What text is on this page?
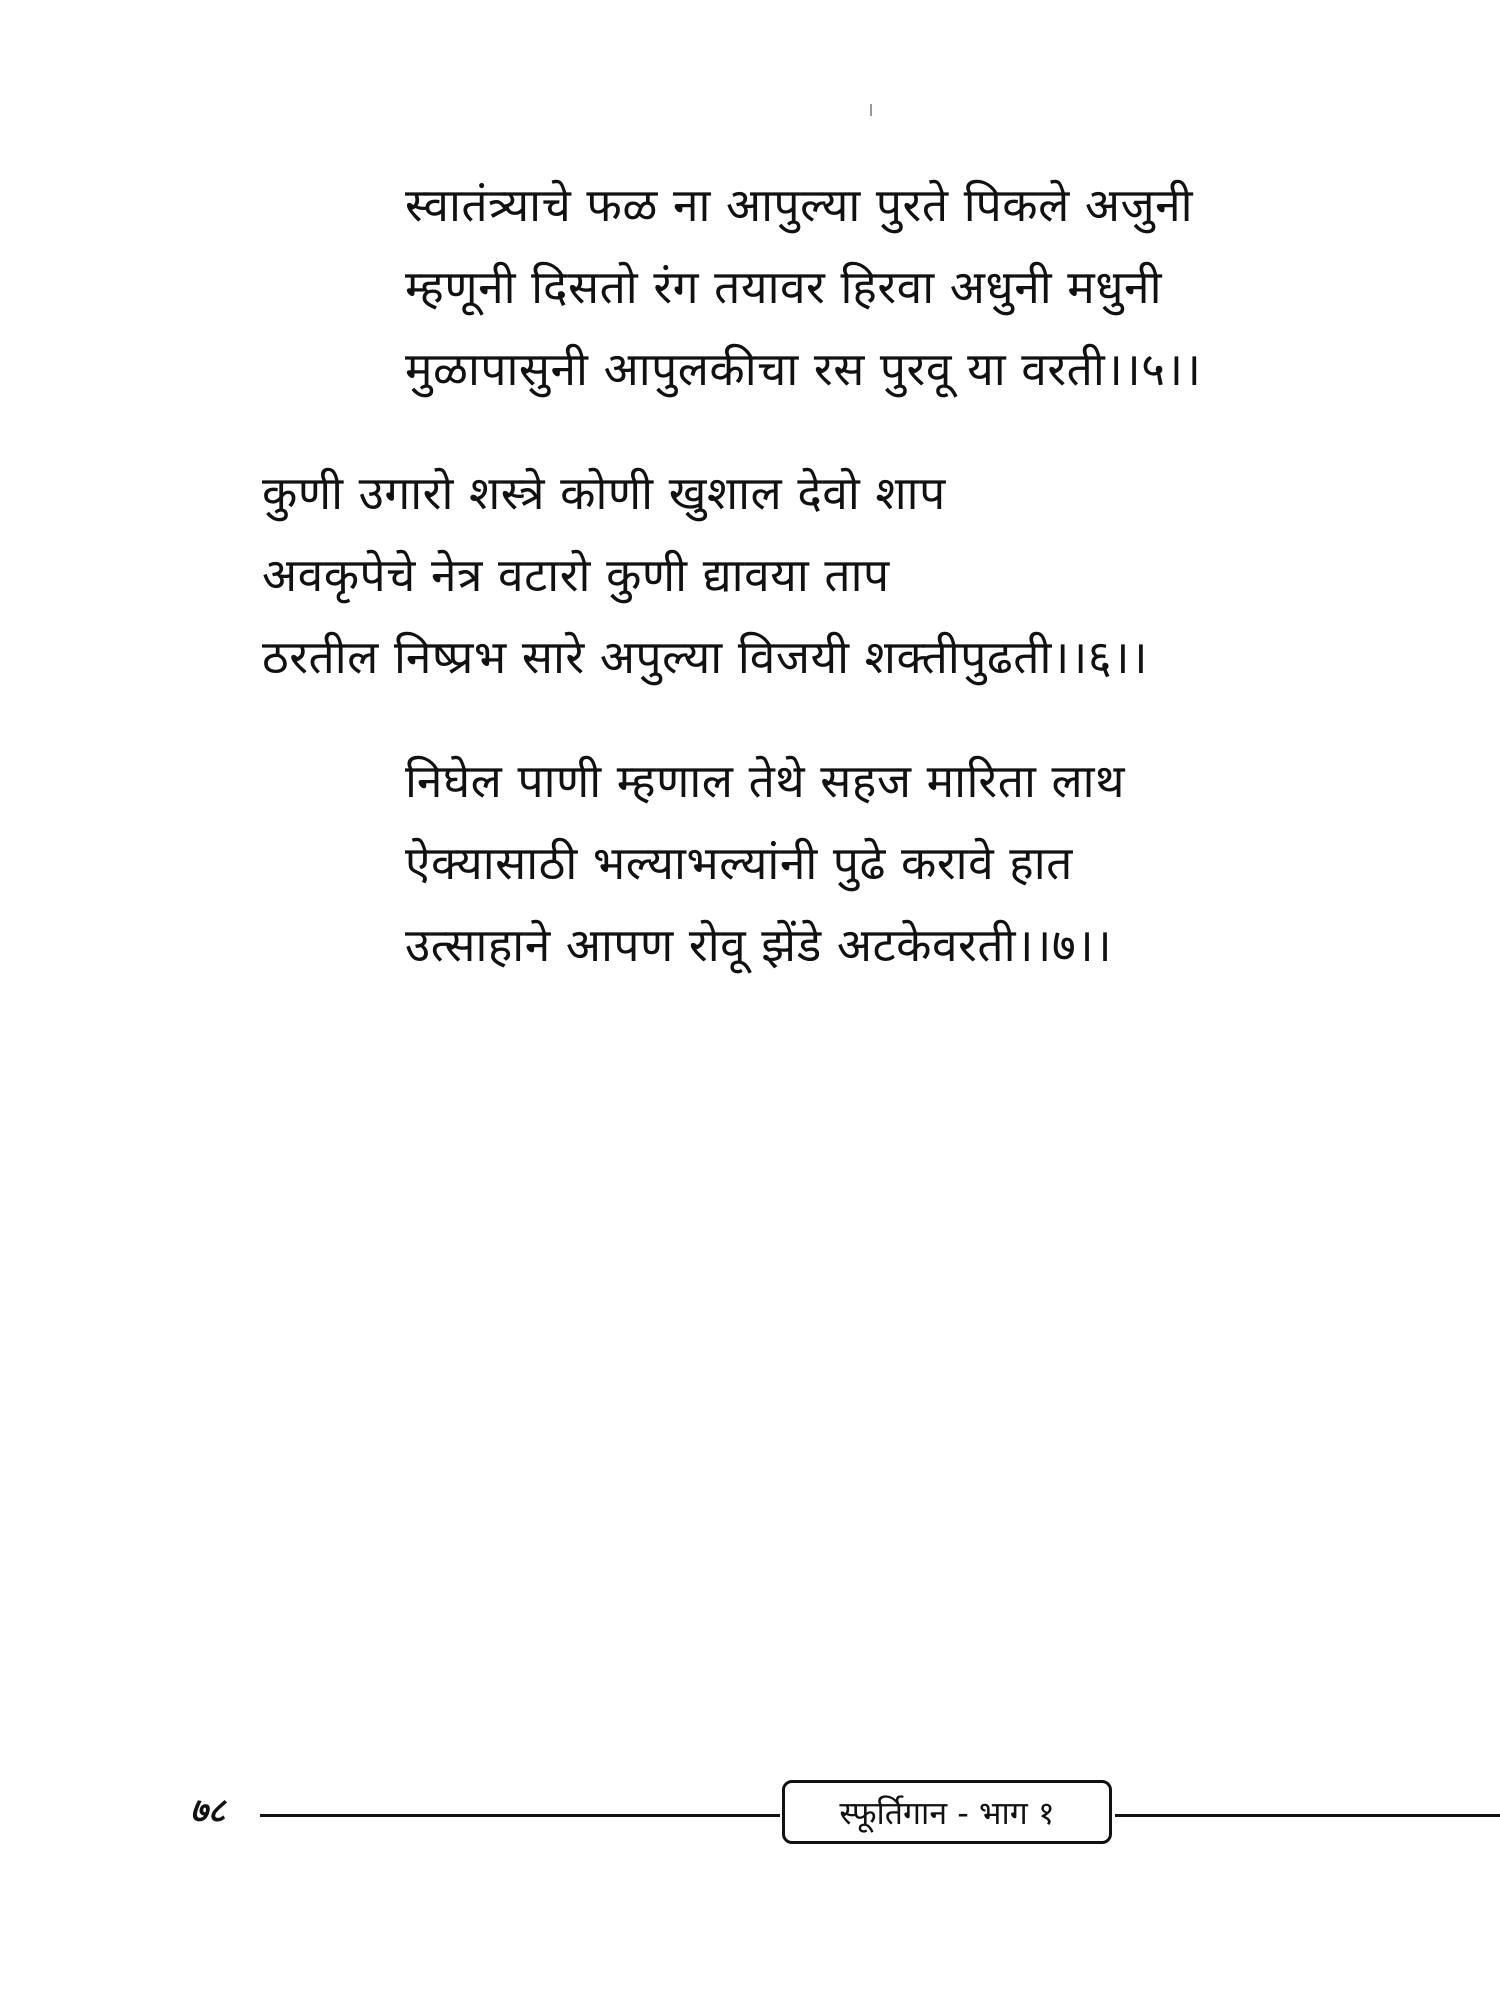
स्वातंत्र्याचे फळ ना आपुल्या पुरते पिकले अजुनी
म्हणूनी दिसतो रंग तयावर हिरवा अधुनी मधुनी
मुळापासुनी आपुलकीचा रस पुरवू या वरती।।५।।
कुणी उगारो शस्त्रे कोणी खुशाल देवो शाप
अवकृपेचे नेत्र वटारो कुणी द्यावया ताप
ठरतील निष्प्रभ सारे अपुल्या विजयी शक्तीपुढती।।६।।
निघेल पाणी म्हणाल तेथे सहज मारिता लाथ
ऐक्यासाठी भल्याभल्यांनी पुढे करावे हात
उत्साहाने आपण रोवू झेंडे अटकेवरती।।७।।
७८	स्फूर्तिगान - भाग १
